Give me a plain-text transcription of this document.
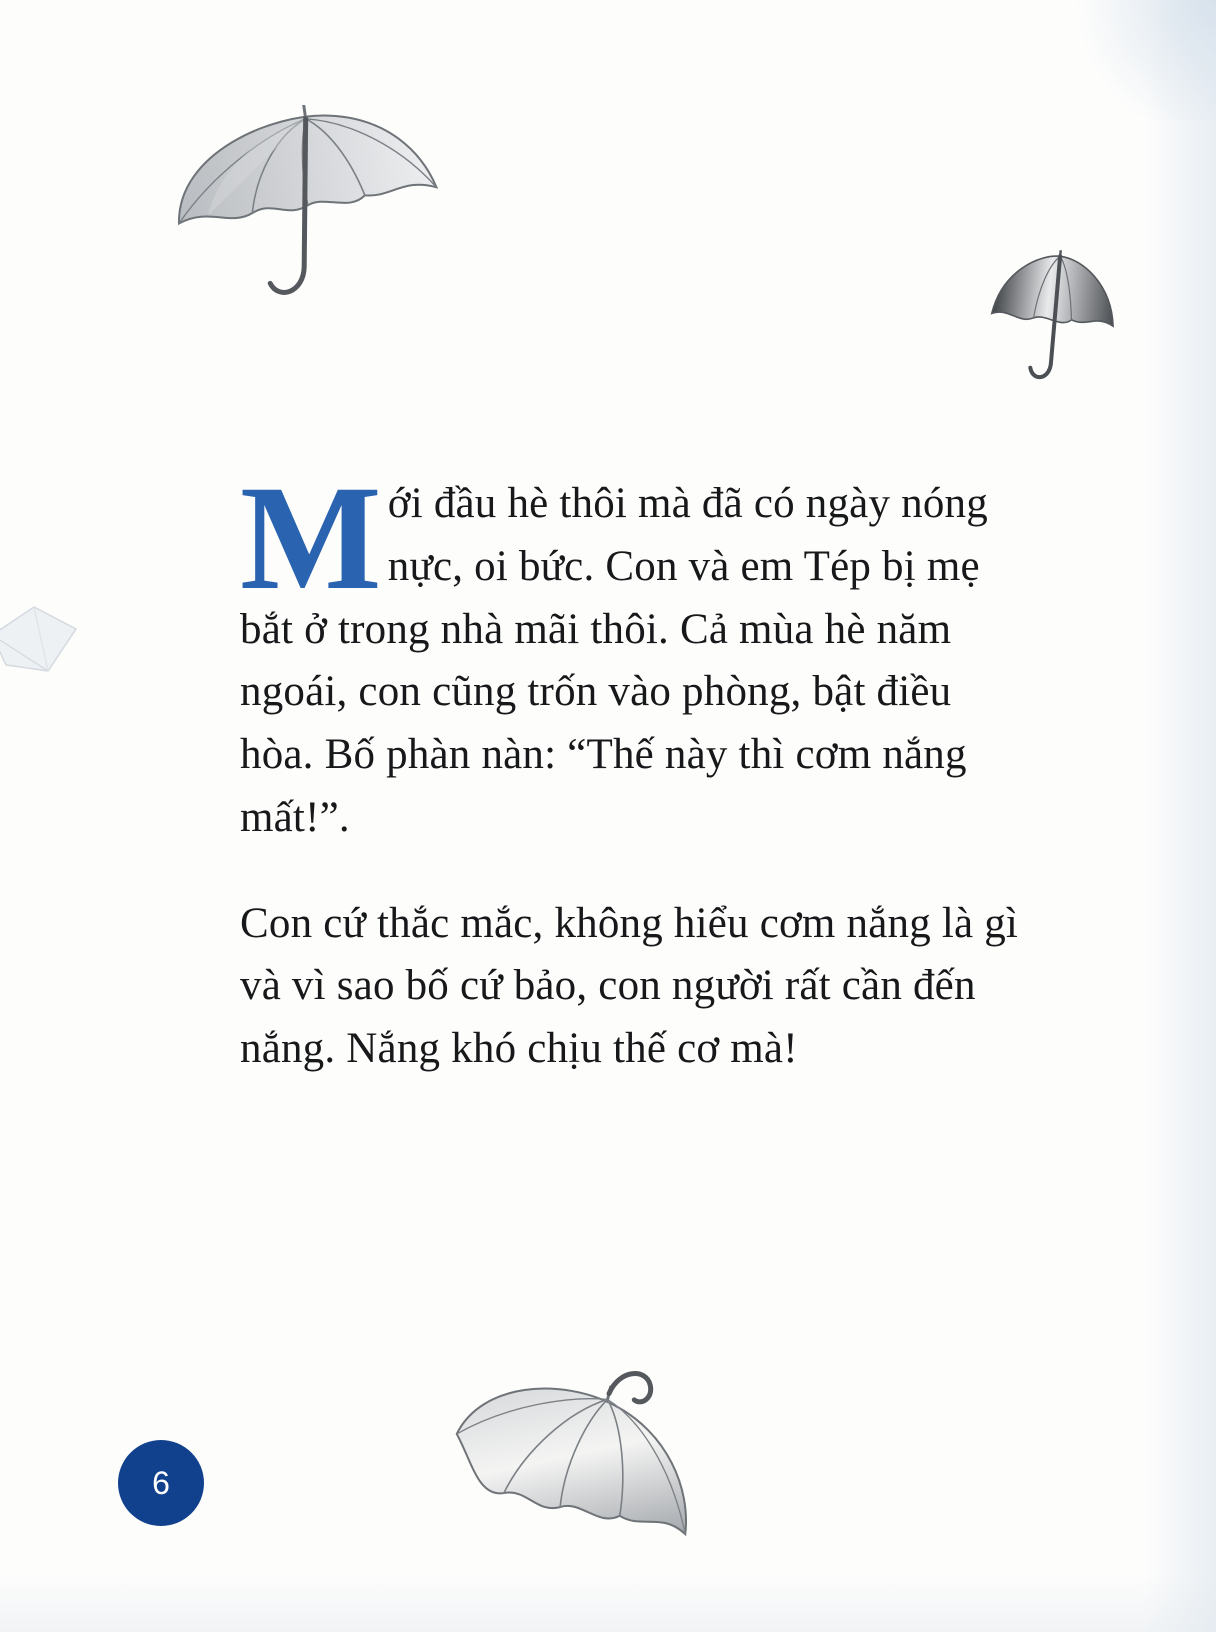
Mới đầu hè thôi mà đã có ngày nóng nực, oi bức. Con và em Tép bị mẹ bắt ở trong nhà mãi thôi. Cả mùa hè năm ngoái, con cũng trốn vào phòng, bật điều hòa. Bố phàn nàn: “Thế này thì cơm nắng mất!”.

Con cứ thắc mắc, không hiểu cơm nắng là gì và vì sao bố cứ bảo, con người rất cần đến nắng. Nắng khó chịu thế cơ mà!

6
